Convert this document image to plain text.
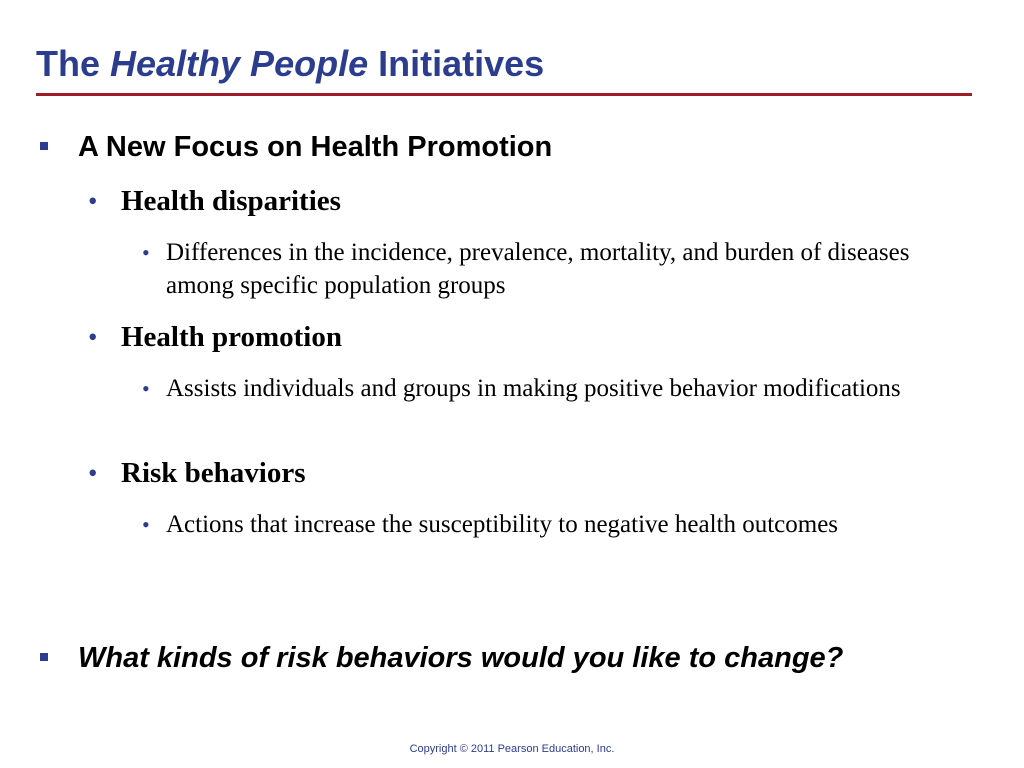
The Healthy People Initiatives
A New Focus on Health Promotion
• Health disparities
• Differences in the incidence, prevalence, mortality, and burden of diseases among specific population groups
• Health promotion
• Assists individuals and groups in making positive behavior modifications
• Risk behaviors
• Actions that increase the susceptibility to negative health outcomes
What kinds of risk behaviors would you like to change?
Copyright © 2011 Pearson Education, Inc.
